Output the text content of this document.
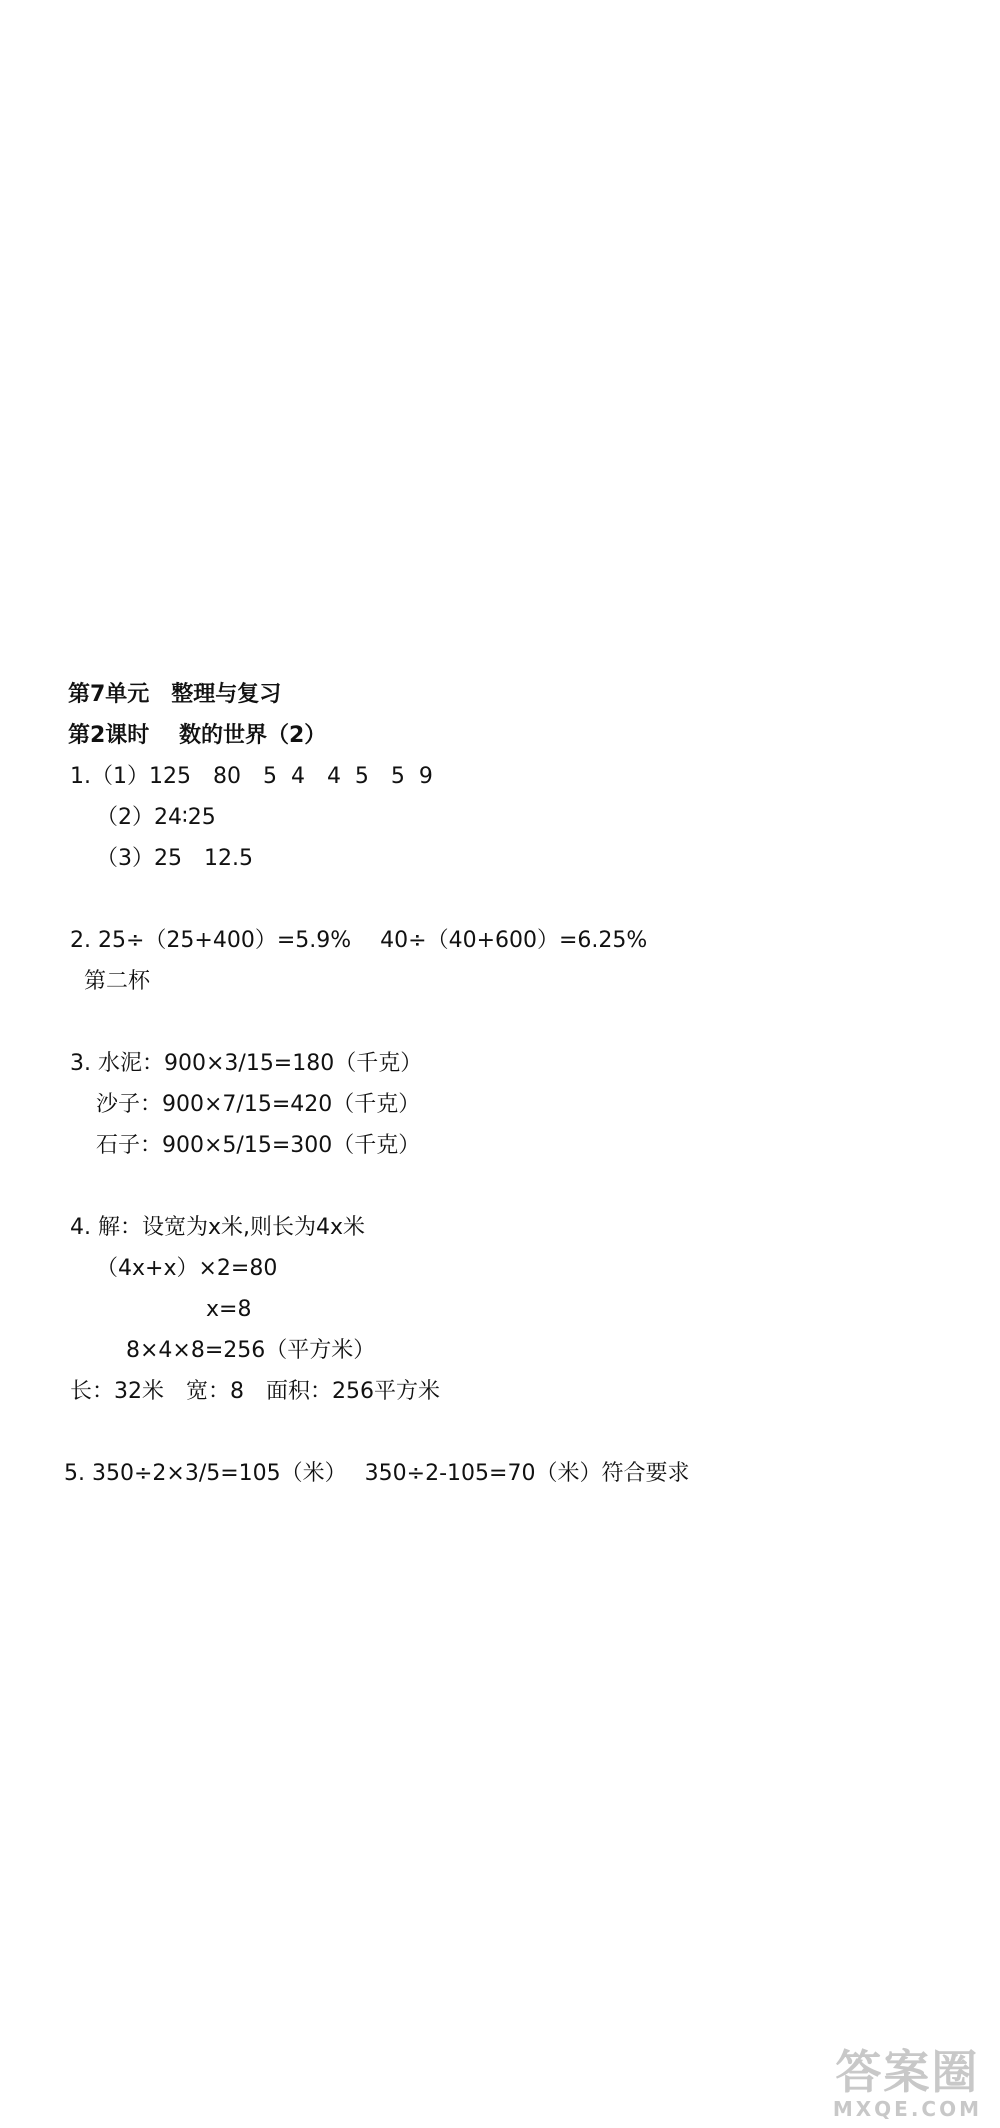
第7单元　整理与复习
第2课时　 数的世界（2）
1.（1）125　80　5  4　4  5　5  9
（2）24∶25
（3）25　12.5
2. 25÷（25+400）=5.9%　 40÷（40+600）=6.25%
第二杯
3. 水泥：900×3/15=180（千克）
沙子：900×7/15=420（千克）
石子：900×5/15=300（千克）
4. 解：设宽为x米,则长为4x米
（4x+x）×2=80
x=8
8×4×8=256（平方米）
长：32米　宽：8　面积：256平方米
5. 350÷2×3/5=105（米）　 350÷2-105=70（米）符合要求
答案圈
MXQE.COM
